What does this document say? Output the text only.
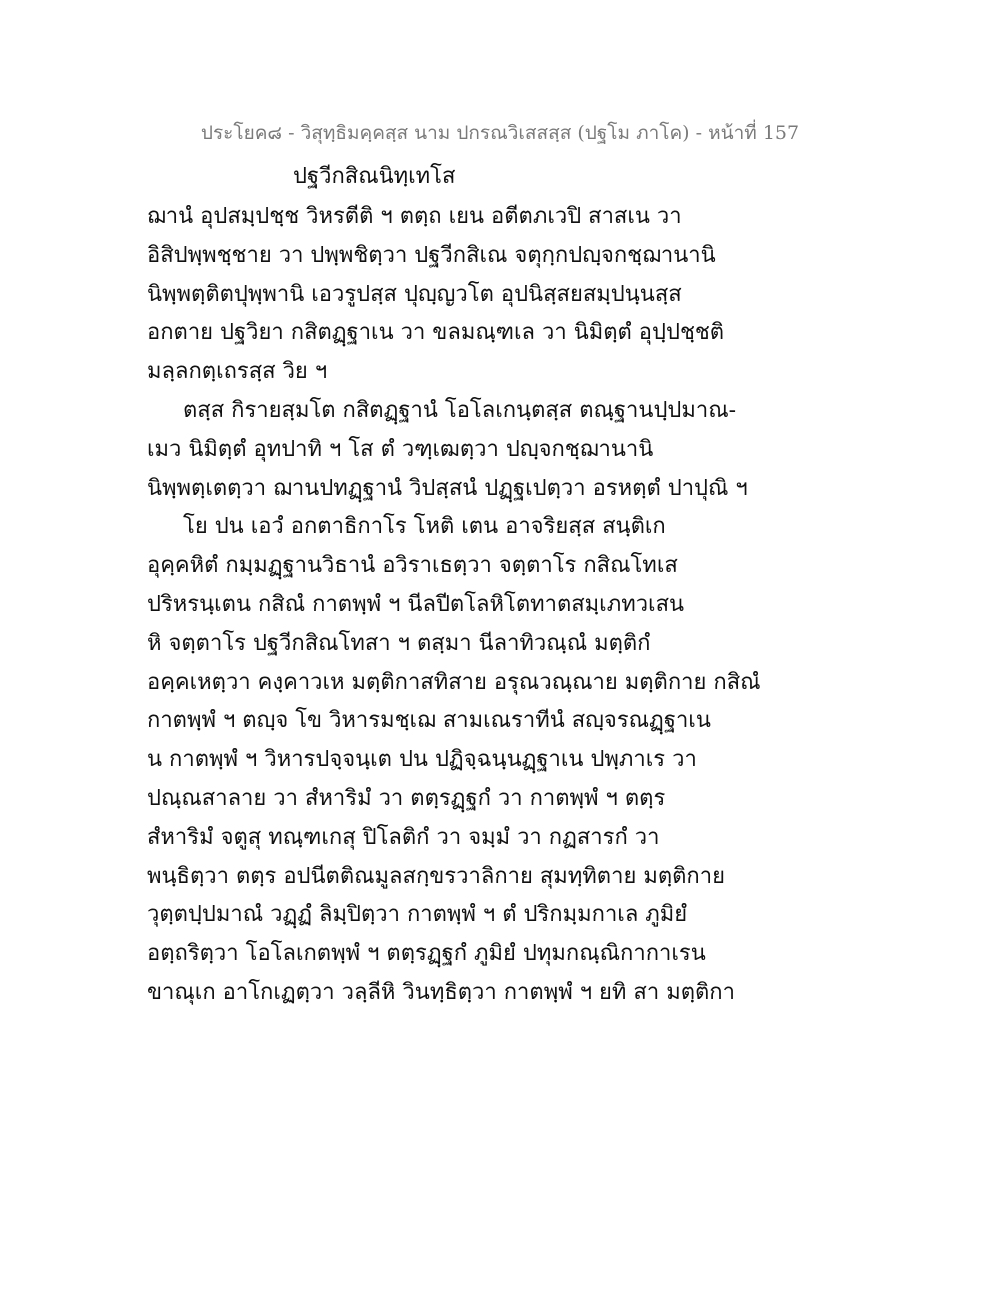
ประโยค๘ - วิสุทฺธิมคฺคสฺส นาม ปกรณวิเสสสฺส (ปฐโม ภาโค) - หน้าที่ 157
ปฐวีกสิณนิทฺเทโส
ฌานํ อุปสมฺปชฺช วิหรตีติ ฯ ตตฺถ เยน อตีตภเวปิ สาสเน วา
อิสิปพฺพชฺชาย วา ปพฺพชิตฺวา ปฐวีกสิเณ จตุกฺกปญฺจกชฺฌานานิ
นิพฺพตฺติตปุพฺพานิ เอวรูปสฺส ปุญฺญวโต อุปนิสฺสยสมฺปนฺนสฺส
อกตาย ปฐวิยา กสิตฏฺฐาเน วา ขลมณฺฑเล วา นิมิตฺตํ อุปฺปชฺชติ
มลฺลกตฺเถรสฺส วิย ฯ
ตสฺส กิรายสฺมโต กสิตฏฺฐานํ โอโลเกนฺตสฺส ตณฺฐานปฺปมาณ-
เมว นิมิตฺตํ อุทปาทิ ฯ โส ตํ วฑฺเฒตฺวา ปญฺจกชฺฌานานิ
นิพฺพตฺเตตฺวา ฌานปทฏฺฐานํ วิปสฺสนํ ปฏฺฐเปตฺวา อรหตฺตํ ปาปุณิ ฯ
โย ปน เอวํ อกตาธิกาโร โหติ เตน อาจริยสฺส สนฺติเก
อุคฺคหิตํ กมฺมฏฺฐานวิธานํ อวิราเธตฺวา จตฺตาโร กสิณโทเส
ปริหรนฺเตน กสิณํ กาตพฺพํ ฯ นีลปีตโลหิโตทาตสมฺเภทวเสน
หิ จตฺตาโร ปฐวีกสิณโทสา ฯ ตสฺมา นีลาทิวณฺณํ มตฺติกํ
อคฺคเหตฺวา คงฺคาวเห มตฺติกาสทิสาย อรุณวณฺณาย มตฺติกาย กสิณํ
กาตพฺพํ ฯ ตญฺจ โข วิหารมชฺเฌ สามเณราทีนํ สญฺจรณฏฺฐาเน
น กาตพฺพํ ฯ วิหารปจฺจนฺเต ปน ปฏิจฺฉนฺนฏฺฐาเน ปพฺภาเร วา
ปณฺณสาลาย วา สํหาริมํ วา ตตฺรฏฺฐกํ วา กาตพฺพํ ฯ ตตฺร
สํหาริมํ จตูสุ ทณฺฑเกสุ ปิโลติกํ วา จมฺมํ วา กฏสารกํ วา
พนฺธิตฺวา ตตฺร อปนีตติณมูลสกฺขรวาลิกาย สุมทฺทิตาย มตฺติกาย
วุตฺตปฺปมาณํ วฏฺฏํ ลิมฺปิตฺวา กาตพฺพํ ฯ ตํ ปริกมฺมกาเล ภูมิยํ
อตฺถริตฺวา โอโลเกตพฺพํ ฯ ตตฺรฏฺฐกํ ภูมิยํ ปทุมกณฺณิกากาเรน
ขาณุเก อาโกเฏตฺวา วลฺลีหิ วินทฺธิตฺวา กาตพฺพํ ฯ ยทิ สา มตฺติกา
